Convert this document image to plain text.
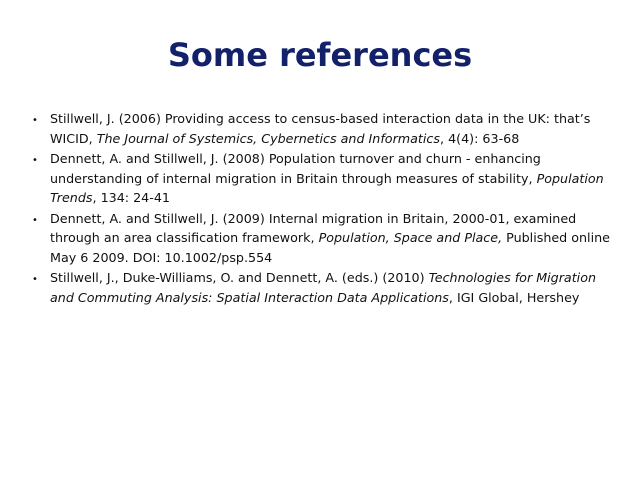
Some references
• Stillwell, J. (2006) Providing access to census-based interaction data in the UK: that’s WICID, The Journal of Systemics, Cybernetics and Informatics, 4(4): 63-68
• Dennett, A. and Stillwell, J. (2008) Population turnover and churn - enhancing understanding of internal migration in Britain through measures of stability, Population Trends, 134: 24-41
• Dennett, A. and Stillwell, J. (2009) Internal migration in Britain, 2000-01, examined through an area classification framework, Population, Space and Place, Published online May 6 2009. DOI: 10.1002/psp.554
• Stillwell, J., Duke-Williams, O. and Dennett, A. (eds.) (2010) Technologies for Migration and Commuting Analysis: Spatial Interaction Data Applications, IGI Global, Hershey
